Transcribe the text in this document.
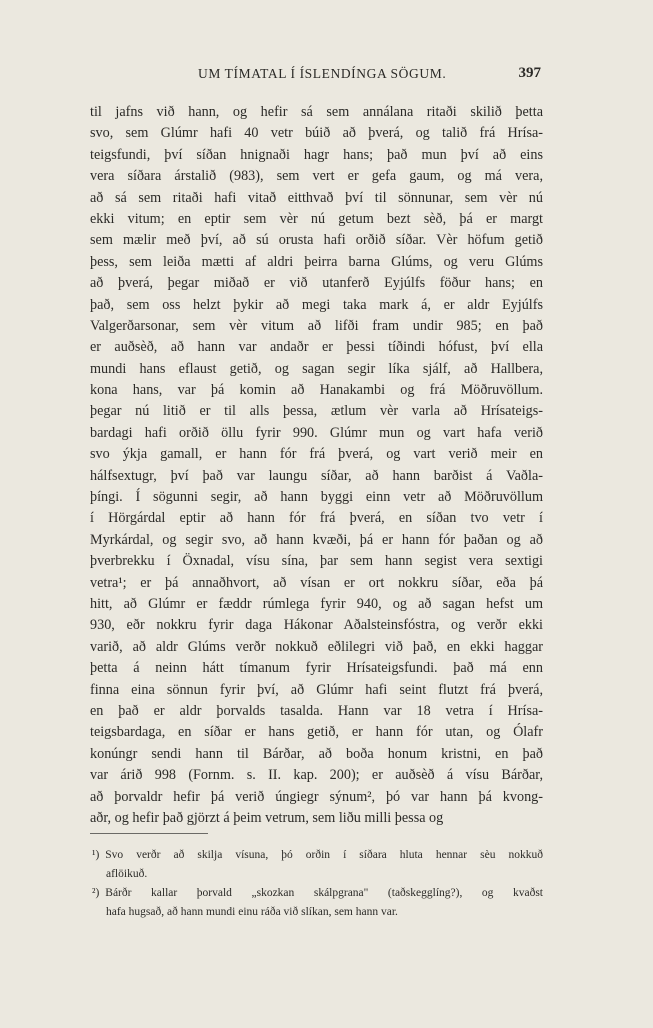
UM TÍMATAL Í ÍSLENDÍNGA SÖGUM.	397
til jafns við hann, og hefir sá sem annálana ritaði skilið þetta
svo, sem Glúmr hafi 40 vetr búið að þverá, og talið frá Hrísa-
teigsfundi, því síðan hnignaði hagr hans; það mun því að eins
vera síðara árstalið (983), sem vert er gefa gaum, og má vera,
að sá sem ritaði hafi vitað eitthvað því til sönnunar, sem vèr nú
ekki vitum; en eptir sem vèr nú getum bezt sèð, þá er margt
sem mælir með því, að sú orusta hafi orðið síðar. Vèr höfum getið
þess, sem leiða mætti af aldri þeirra barna Glúms, og veru Glúms
að þverá, þegar miðað er við utanferð Eyjúlfs föður hans; en
það, sem oss helzt þykir að megi taka mark á, er aldr Eyjúlfs
Valgerðarsonar, sem vèr vitum að lifði fram undir 985; en það
er auðsèð, að hann var andaðr er þessi tíðindi hófust, því ella
mundi hans eflaust getið, og sagan segir líka sjálf, að Hallbera,
kona hans, var þá komin að Hanakambi og frá Möðruvöllum.
þegar nú litið er til alls þessa, ætlum vèr varla að Hrísateigs-
bardagi hafi orðið öllu fyrir 990. Glúmr mun og vart hafa verið
svo ýkja gamall, er hann fór frá þverá, og vart verið meir en
hálfsextugr, því það var laungu síðar, að hann barðist á Vaðla-
þíngi. Í sögunni segir, að hann byggi einn vetr að Möðruvöllum
í Hörgárdal eptir að hann fór frá þverá, en síðan tvo vetr í
Myrkárdal, og segir svo, að hann kvæði, þá er hann fór þaðan og að
þverbrekku í Öxnadal, vísu sína, þar sem hann segist vera sextigi
vetra¹; er þá annaðhvort, að vísan er ort nokkru síðar, eða þá
hitt, að Glúmr er fæddr rúmlega fyrir 940, og að sagan hefst um
930, eðr nokkru fyrir daga Hákonar Aðalsteinsfóstra, og verðr ekki
varið, að aldr Glúms verðr nokkuð eðlilegri við það, en ekki haggar
þetta á neinn hátt tímanum fyrir Hrísateigsfundi. það má enn
finna eina sönnun fyrir því, að Glúmr hafi seint flutzt frá þverá,
en það er aldr þorvalds tasalda. Hann var 18 vetra í Hrísa-
teigsbardaga, en síðar er hans getið, er hann fór utan, og Ólafr
konúngr sendi hann til Bárðar, að boða honum kristni, en það
var árið 998 (Fornm. s. II. kap. 200); er auðsèð á vísu Bárðar,
að þorvaldr hefir þá verið úngiegr sýnum², þó var hann þá kvong-
aðr, og hefir það gjörzt á þeim vetrum, sem liðu milli þessa og
¹) Svo verðr að skilja vísuna, þó orðin í síðara hluta hennar sèu nokkuð
aflöikuð.
²) Bárðr kallar þorvald „skozkan skálpgrana" (taðskegglíng?), og kvaðst
hafa hugsað, að hann mundi einu ráða við slíkan, sem hann var.
